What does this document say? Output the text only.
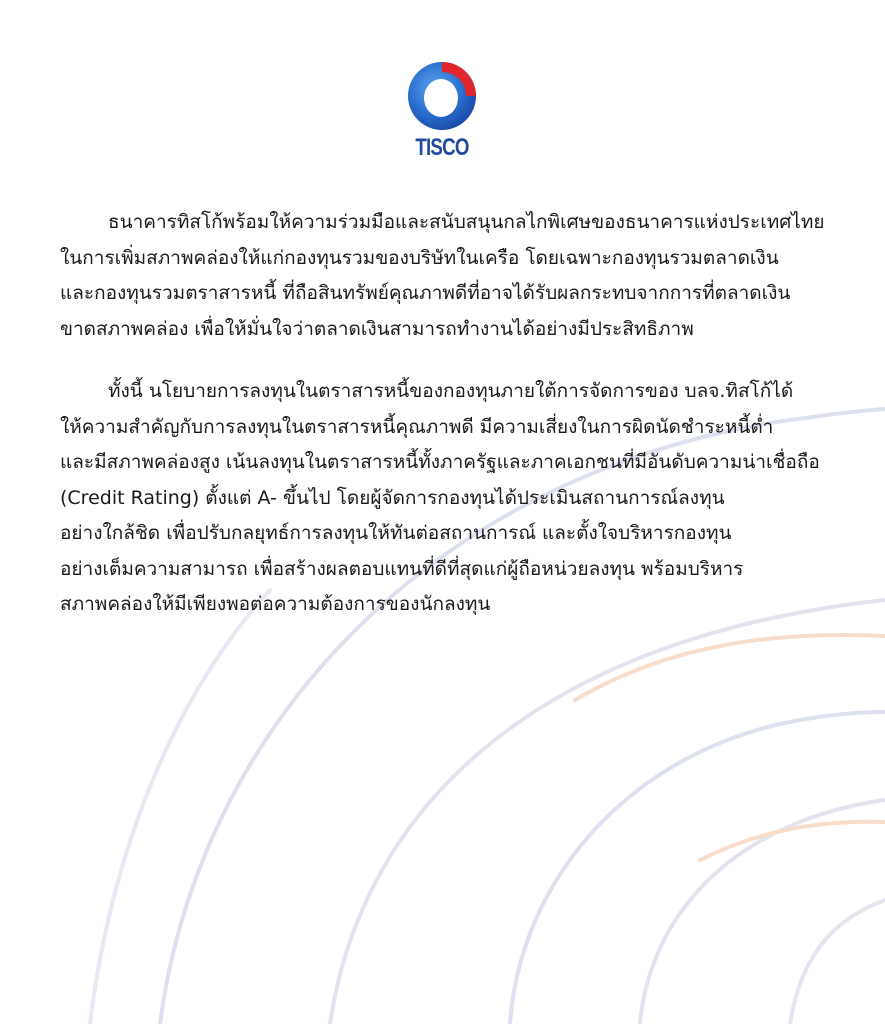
TISCO

ธนาคารทิสโก้พร้อมให้ความร่วมมือและสนับสนุนกลไกพิเศษของธนาคารแห่งประเทศไทย
ในการเพิ่มสภาพคล่องให้แก่กองทุนรวมของบริษัทในเครือ โดยเฉพาะกองทุนรวมตลาดเงิน
และกองทุนรวมตราสารหนี้ ที่ถือสินทรัพย์คุณภาพดีที่อาจได้รับผลกระทบจากการที่ตลาดเงิน
ขาดสภาพคล่อง เพื่อให้มั่นใจว่าตลาดเงินสามารถทำงานได้อย่างมีประสิทธิภาพ

ทั้งนี้ นโยบายการลงทุนในตราสารหนี้ของกองทุนภายใต้การจัดการของ บลจ.ทิสโก้ได้
ให้ความสำคัญกับการลงทุนในตราสารหนี้คุณภาพดี มีความเสี่ยงในการผิดนัดชำระหนี้ต่ำ
และมีสภาพคล่องสูง เน้นลงทุนในตราสารหนี้ทั้งภาครัฐและภาคเอกชนที่มีอันดับความน่าเชื่อถือ
(Credit Rating) ตั้งแต่ A- ขึ้นไป โดยผู้จัดการกองทุนได้ประเมินสถานการณ์ลงทุน
อย่างใกล้ชิด เพื่อปรับกลยุทธ์การลงทุนให้ทันต่อสถานการณ์ และตั้งใจบริหารกองทุน
อย่างเต็มความสามารถ เพื่อสร้างผลตอบแทนที่ดีที่สุดแก่ผู้ถือหน่วยลงทุน พร้อมบริหาร
สภาพคล่องให้มีเพียงพอต่อความต้องการของนักลงทุน
